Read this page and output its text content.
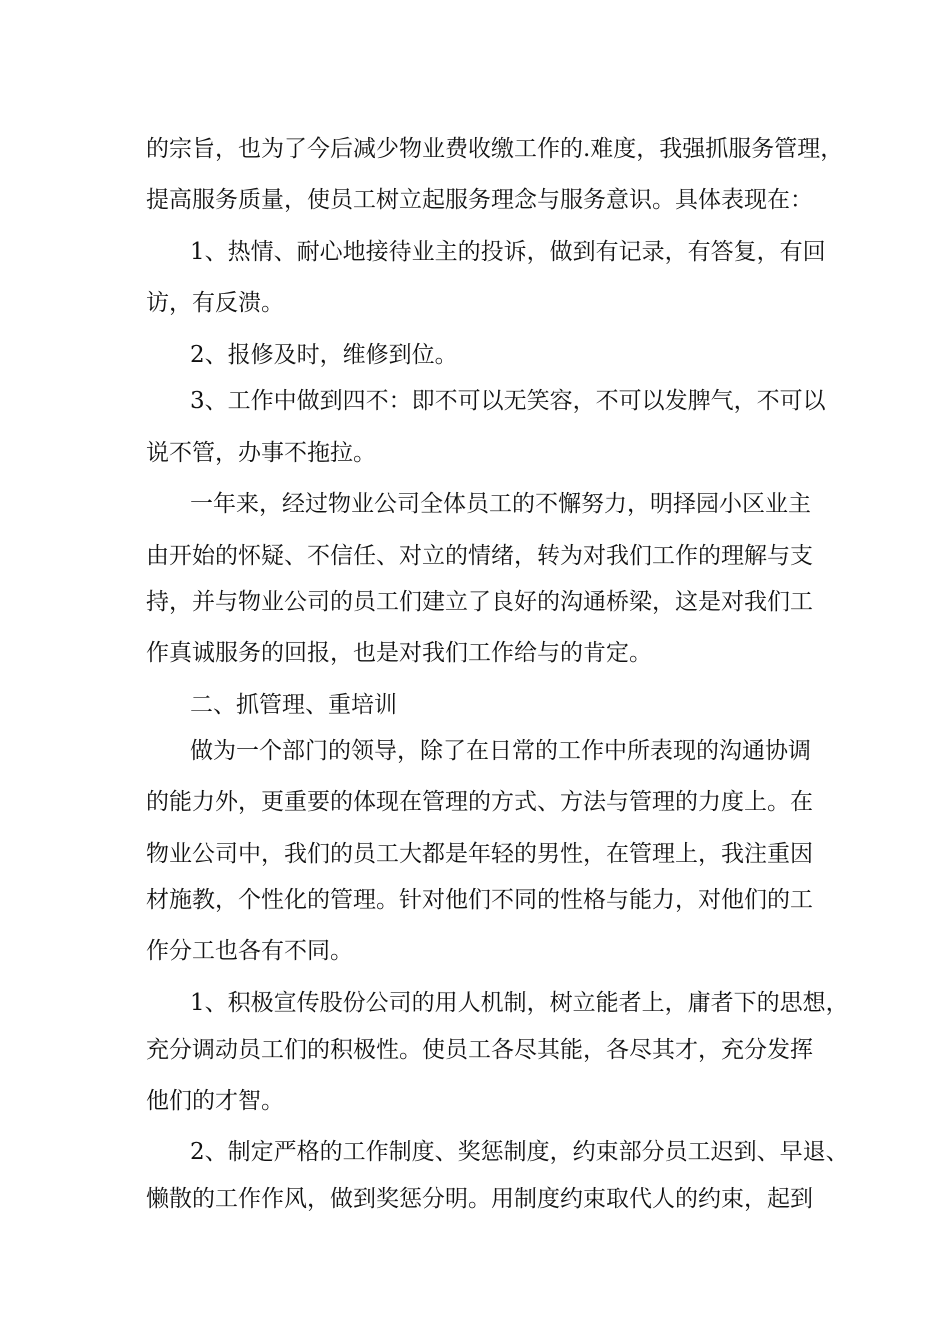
的宗旨，也为了今后减少物业费收缴工作的.难度，我强抓服务管理，
提高服务质量，使员工树立起服务理念与服务意识。具体表现在：
1、热情、耐心地接待业主的投诉，做到有记录，有答复，有回
访，有反溃。
2、报修及时，维修到位。
3、工作中做到四不：即不可以无笑容，不可以发脾气，不可以
说不管，办事不拖拉。
一年来，经过物业公司全体员工的不懈努力，明择园小区业主
由开始的怀疑、不信任、对立的情绪，转为对我们工作的理解与支
持，并与物业公司的员工们建立了良好的沟通桥梁，这是对我们工
作真诚服务的回报，也是对我们工作给与的肯定。
二、抓管理、重培训
做为一个部门的领导，除了在日常的工作中所表现的沟通协调
的能力外，更重要的体现在管理的方式、方法与管理的力度上。在
物业公司中，我们的员工大都是年轻的男性，在管理上，我注重因
材施教，个性化的管理。针对他们不同的性格与能力，对他们的工
作分工也各有不同。
1、积极宣传股份公司的用人机制，树立能者上，庸者下的思想，
充分调动员工们的积极性。使员工各尽其能，各尽其才，充分发挥
他们的才智。
2、制定严格的工作制度、奖惩制度，约束部分员工迟到、早退、
懒散的工作作风，做到奖惩分明。用制度约束取代人的约束，起到
